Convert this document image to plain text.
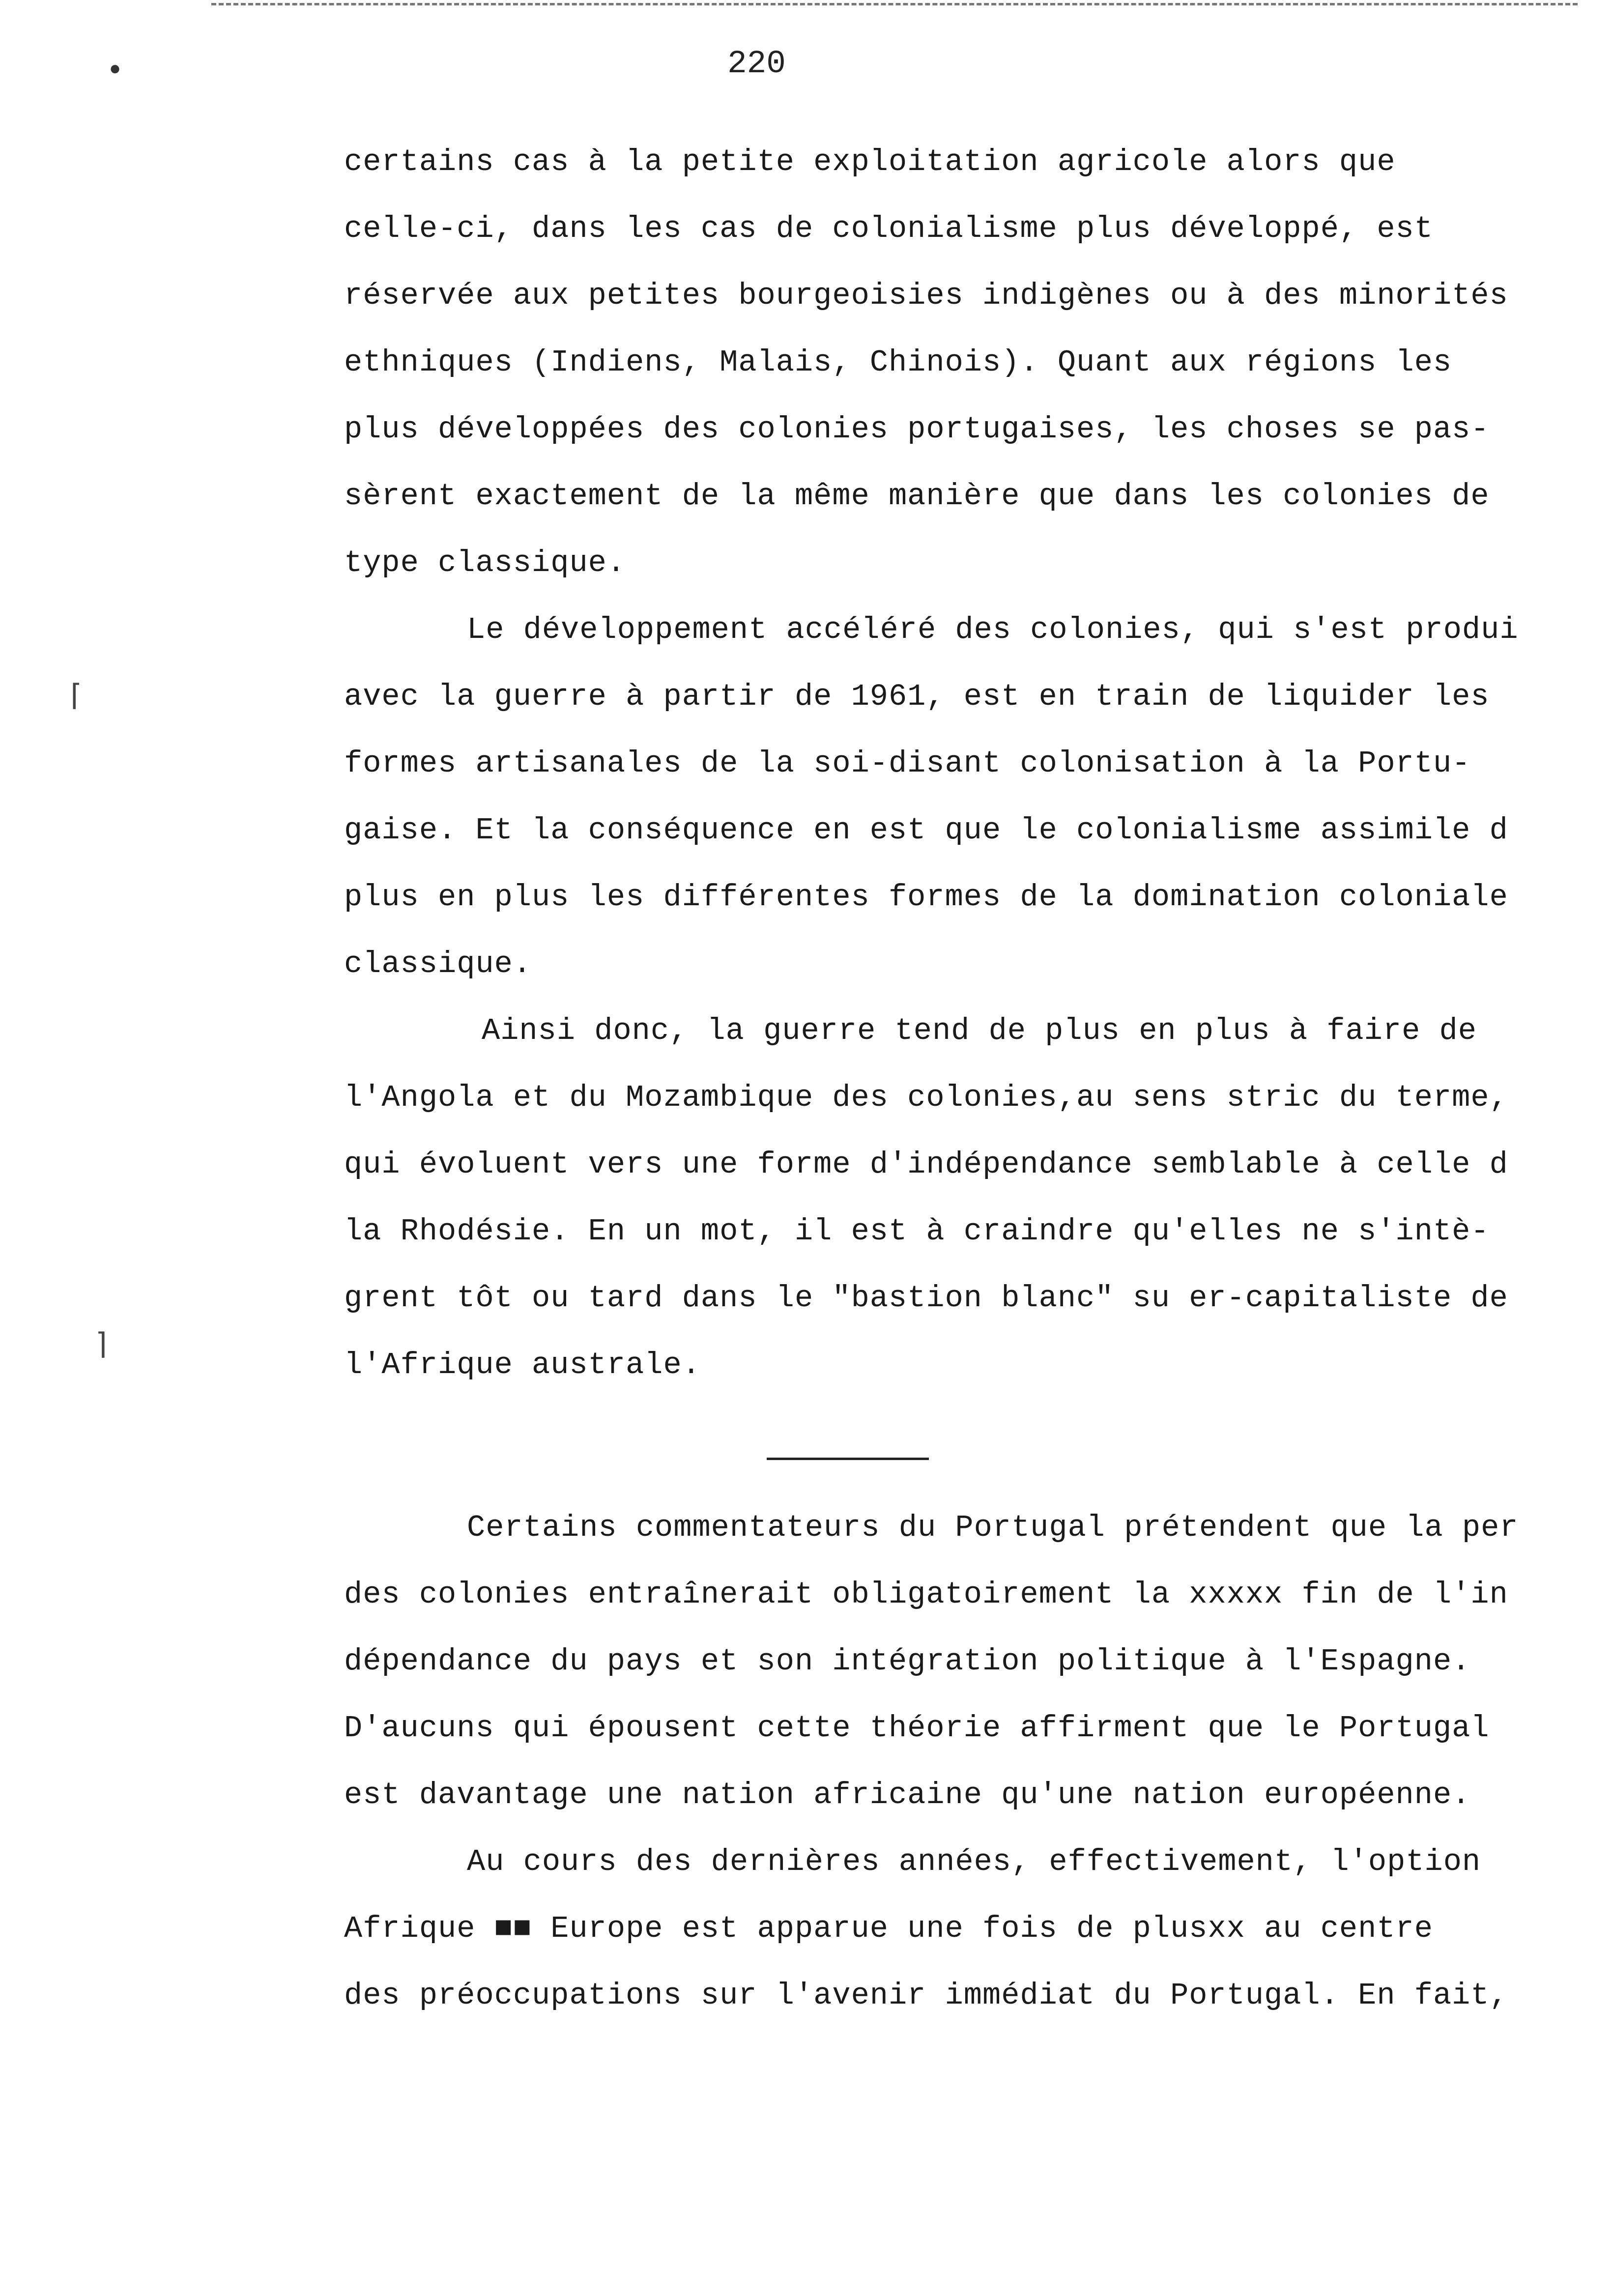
●	220
⌈
⌉

certains cas à la petite exploitation agricole alors que
celle-ci, dans les cas de colonialisme plus développé, est
réservée aux petites bourgeoisies indigènes ou à des minorités
ethniques (Indiens, Malais, Chinois). Quant aux régions les
plus développées des colonies portugaises, les choses se pas-
sèrent exactement de la même manière que dans les colonies de
type classique.

Le développement accéléré des colonies, qui s'est produi
avec la guerre à partir de 1961, est en train de liquider les
formes artisanales de la soi-disant colonisation à la Portu-
gaise. Et la conséquence en est que le colonialisme assimile d
plus en plus les différentes formes de la domination coloniale
classique.

Ainsi donc, la guerre tend de plus en plus à faire de
l'Angola et du Mozambique des colonies,au sens stric du terme,
qui évoluent vers une forme d'indépendance semblable à celle d
la Rhodésie. En un mot, il est à craindre qu'elles ne s'intè-
grent tôt ou tard dans le "bastion blanc" su er-capitaliste de
l'Afrique australe.

Certains commentateurs du Portugal prétendent que la per
des colonies entraînerait obligatoirement la xxxxx fin de l'in
dépendance du pays et son intégration politique à l'Espagne.
D'aucuns qui épousent cette théorie affirment que le Portugal
est davantage une nation africaine qu'une nation européenne.

Au cours des dernières années, effectivement, l'option
Afrique ■■ Europe est apparue une fois de plusxx au centre
des préoccupations sur l'avenir immédiat du Portugal. En fait,
